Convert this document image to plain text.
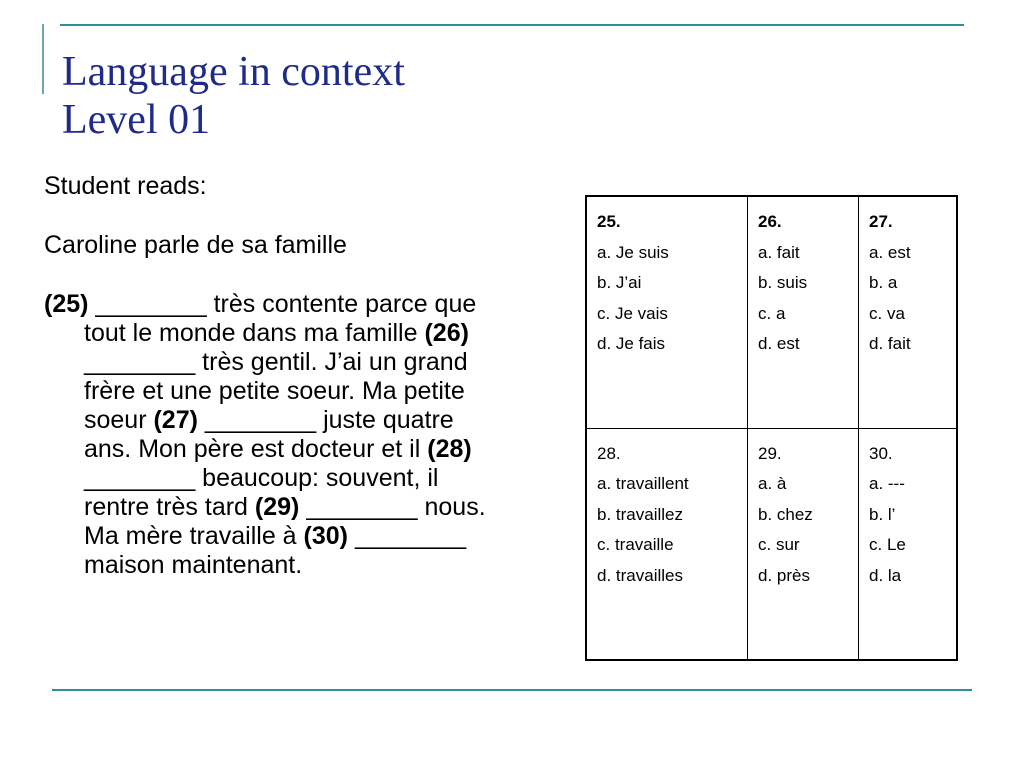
Language in context
Level 01

Student reads:

Caroline parle de sa famille

(25) ________ très contente parce que tout le monde dans ma famille (26) ________ très gentil. J’ai un grand frère et une petite soeur. Ma petite soeur (27) ________ juste quatre ans. Mon père est docteur et il (28) ________ beaucoup: souvent, il rentre très tard (29) ________ nous. Ma mère travaille à (30) ________ maison maintenant.

25.
a. Je suis
b. J’ai
c. Je vais
d. Je fais	26.
a. fait
b. suis
c. a
d. est	27.
a. est
b. a
c. va
d. fait

28.
a. travaillent
b. travaillez
c. travaille
d. travailles	29.
a. à
b. chez
c. sur
d. près	30.
a. ---
b. l’
c. Le
d. la
